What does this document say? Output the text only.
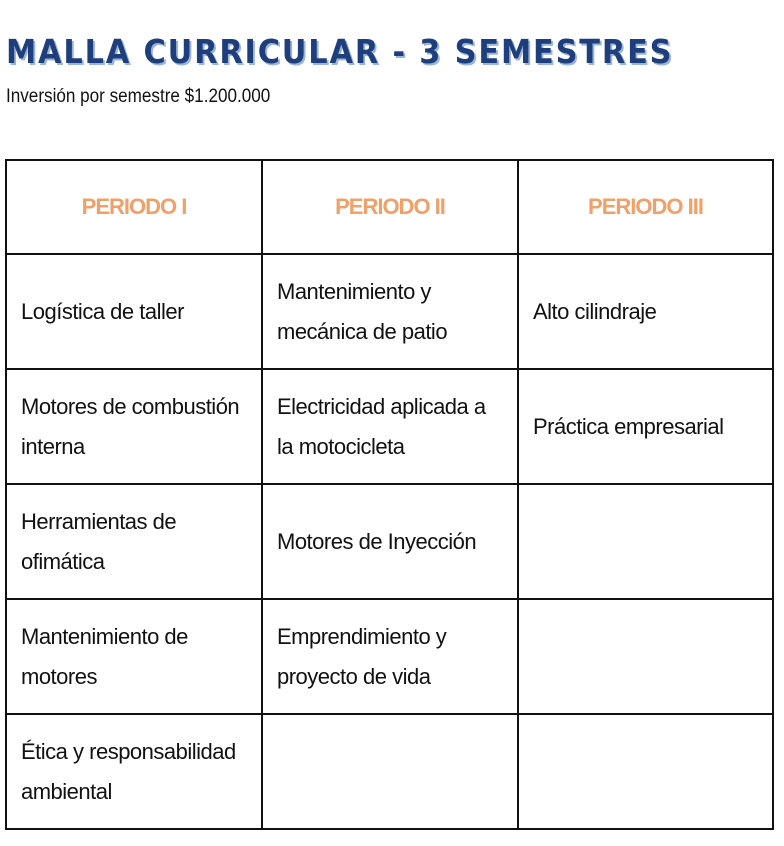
MALLA CURRICULAR - 3 SEMESTRES

Inversión por semestre $1.200.000

PERIODO I	PERIODO II	PERIODO III

Logística de taller	Mantenimiento y mecánica de patio	Alto cilindraje

Motores de combustión interna	Electricidad aplicada a la motocicleta	Práctica empresarial

Herramientas de ofimática	Motores de Inyección	

Mantenimiento de motores	Emprendimiento y proyecto de vida	

Ética y responsabilidad ambiental		
